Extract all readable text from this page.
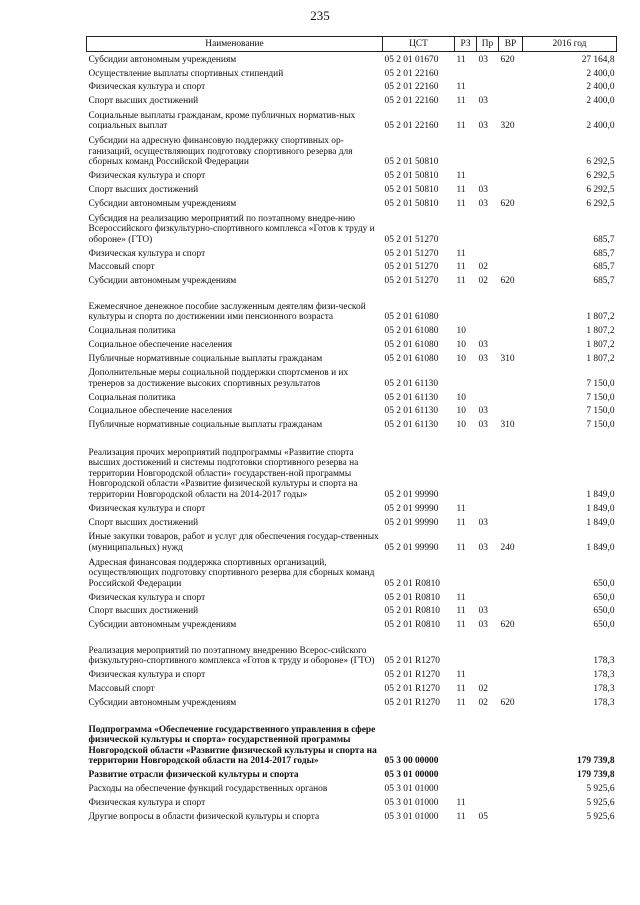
235
Наименование	ЦСТ	РЗ	Пр	ВР	2016 год
Субсидии автономным учреждениям	05 2 01 01670	11	03	620	27 164,8
Осуществление выплаты спортивных стипендий	05 2 01 22160				2 400,0
Физическая культура и спорт	05 2 01 22160	11			2 400,0
Спорт высших достижений	05 2 01 22160	11	03		2 400,0
Социальные выплаты гражданам, кроме публичных норматив-ных социальных выплат	05 2 01 22160	11	03	320	2 400,0
Субсидии на адресную финансовую поддержку спортивных ор-ганизаций, осуществляющих подготовку спортивного резерва для сборных команд Российской Федерации	05 2 01 50810				6 292,5
Физическая культура и спорт	05 2 01 50810	11			6 292,5
Спорт высших достижений	05 2 01 50810	11	03		6 292,5
Субсидии автономным учреждениям	05 2 01 50810	11	03	620	6 292,5
Субсидия на реализацию мероприятий по поэтапному внедре-нию Всероссийского физкультурно-спортивного комплекса «Готов к труду и обороне» (ГТО)	05 2 01 51270				685,7
Физическая культура и спорт	05 2 01 51270	11			685,7
Массовый спорт	05 2 01 51270	11	02		685,7
Субсидии автономным учреждениям	05 2 01 51270	11	02	620	685,7
Ежемесячное денежное пособие заслуженным деятелям физи-ческой культуры и спорта по достижении ими пенсионного возраста	05 2 01 61080				1 807,2
Социальная политика	05 2 01 61080	10			1 807,2
Социальное обеспечение населения	05 2 01 61080	10	03		1 807,2
Публичные нормативные социальные выплаты гражданам	05 2 01 61080	10	03	310	1 807,2
Дополнительные меры социальной поддержки спортсменов и их тренеров за достижение высоких спортивных результатов	05 2 01 61130				7 150,0
Социальная политика	05 2 01 61130	10			7 150,0
Социальное обеспечение населения	05 2 01 61130	10	03		7 150,0
Публичные нормативные социальные выплаты гражданам	05 2 01 61130	10	03	310	7 150,0
Реализация прочих мероприятий подпрограммы «Развитие спорта высших достижений и системы подготовки спортивного резерва на территории Новгородской области» государствен-ной программы Новгородской области «Развитие физической культуры и спорта на территории Новгородской области на 2014-2017 годы»	05 2 01 99990				1 849,0
Физическая культура и спорт	05 2 01 99990	11			1 849,0
Спорт высших достижений	05 2 01 99990	11	03		1 849,0
Иные закупки товаров, работ и услуг для обеспечения государ-ственных (муниципальных) нужд	05 2 01 99990	11	03	240	1 849,0
Адресная финансовая поддержка спортивных организаций, осуществляющих подготовку спортивного резерва для сборных команд Российской Федерации	05 2 01 R0810				650,0
Физическая культура и спорт	05 2 01 R0810	11			650,0
Спорт высших достижений	05 2 01 R0810	11	03		650,0
Субсидии автономным учреждениям	05 2 01 R0810	11	03	620	650,0
Реализация мероприятий по поэтапному внедрению Всерос-сийского физкультурно-спортивного комплекса «Готов к труду и обороне» (ГТО)	05 2 01 R1270				178,3
Физическая культура и спорт	05 2 01 R1270	11			178,3
Массовый спорт	05 2 01 R1270	11	02		178,3
Субсидии автономным учреждениям	05 2 01 R1270	11	02	620	178,3
Подпрограмма «Обеспечение государственного управления в сфере физической культуры и спорта» государственной программы Новгородской области «Развитие физической культуры и спорта на территории Новгородской области на 2014-2017 годы»	05 3 00 00000				179 739,8
Развитие отрасли физической культуры и спорта	05 3 01 00000				179 739,8
Расходы на обеспечение функций государственных органов	05 3 01 01000				5 925,6
Физическая культура и спорт	05 3 01 01000	11			5 925,6
Другие вопросы в области физической культуры и спорта	05 3 01 01000	11	05		5 925,6
